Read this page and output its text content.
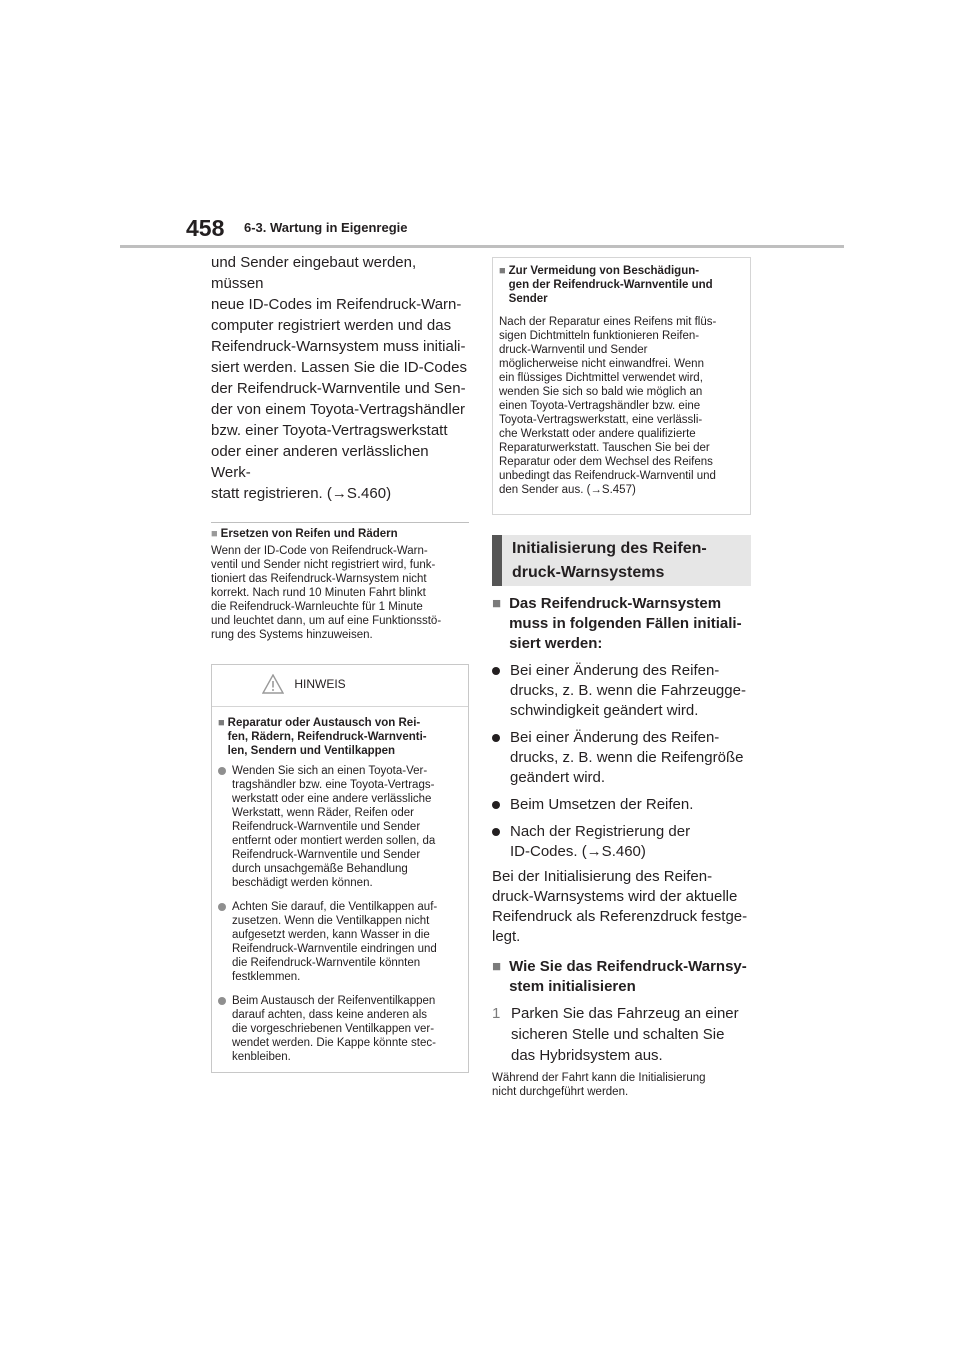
458 6-3. Wartung in Eigenregie
und Sender eingebaut werden, müssen
neue ID-Codes im Reifendruck-Warn-
computer registriert werden und das
Reifendruck-Warnsystem muss initiali-
siert werden. Lassen Sie die ID-Codes
der Reifendruck-Warnventile und Sen-
der von einem Toyota-Vertragshändler
bzw. einer Toyota-Vertragswerkstatt
oder einer anderen verlässlichen Werk-
statt registrieren. (→S.460)
■ Ersetzen von Reifen und Rädern
Wenn der ID-Code von Reifendruck-Warn-
ventil und Sender nicht registriert wird, funk-
tioniert das Reifendruck-Warnsystem nicht
korrekt. Nach rund 10 Minuten Fahrt blinkt
die Reifendruck-Warnleuchte für 1 Minute
und leuchtet dann, um auf eine Funktionsstö-
rung des Systems hinzuweisen.
HINWEIS
■ Reparatur oder Austausch von Rei-
fen, Rädern, Reifendruck-Warnventi-
len, Sendern und Ventilkappen
Wenden Sie sich an einen Toyota-Ver-
tragshändler bzw. eine Toyota-Vertrags-
werkstatt oder eine andere verlässliche
Werkstatt, wenn Räder, Reifen oder
Reifendruck-Warnventile und Sender
entfernt oder montiert werden sollen, da
Reifendruck-Warnventile und Sender
durch unsachgemäße Behandlung
beschädigt werden können.
Achten Sie darauf, die Ventilkappen auf-
zusetzen. Wenn die Ventilkappen nicht
aufgesetzt werden, kann Wasser in die
Reifendruck-Warnventile eindringen und
die Reifendruck-Warnventile könnten
festklemmen.
Beim Austausch der Reifenventilkappen
darauf achten, dass keine anderen als
die vorgeschriebenen Ventilkappen ver-
wendet werden. Die Kappe könnte stec-
kenbleiben.
■ Zur Vermeidung von Beschädigun-
gen der Reifendruck-Warnventile und
Sender
Nach der Reparatur eines Reifens mit flüs-
sigen Dichtmitteln funktionieren Reifen-
druck-Warnventil und Sender
möglicherweise nicht einwandfrei. Wenn
ein flüssiges Dichtmittel verwendet wird,
wenden Sie sich so bald wie möglich an
einen Toyota-Vertragshändler bzw. eine
Toyota-Vertragswerkstatt, eine verlässli-
che Werkstatt oder andere qualifizierte
Reparaturwerkstatt. Tauschen Sie bei der
Reparatur oder dem Wechsel des Reifens
unbedingt das Reifendruck-Warnventil und
den Sender aus. (→S.457)
Initialisierung des Reifen-
druck-Warnsystems
■ Das Reifendruck-Warnsystem
muss in folgenden Fällen initiali-
siert werden:
Bei einer Änderung des Reifen-
drucks, z. B. wenn die Fahrzeugge-
schwindigkeit geändert wird.
Bei einer Änderung des Reifen-
drucks, z. B. wenn die Reifengröße
geändert wird.
Beim Umsetzen der Reifen.
Nach der Registrierung der
ID-Codes. (→S.460)
Bei der Initialisierung des Reifen-
druck-Warnsystems wird der aktuelle
Reifendruck als Referenzdruck festge-
legt.
■ Wie Sie das Reifendruck-Warnsy-
stem initialisieren
1 Parken Sie das Fahrzeug an einer
sicheren Stelle und schalten Sie
das Hybridsystem aus.
Während der Fahrt kann die Initialisierung
nicht durchgeführt werden.
